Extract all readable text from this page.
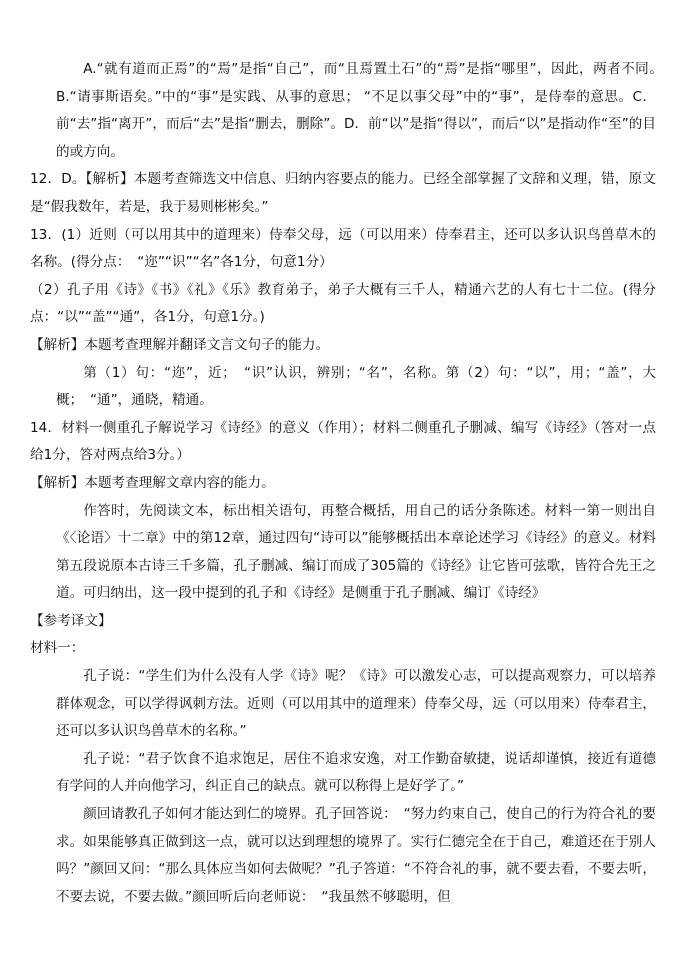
A.“就有道而正焉”的“焉”是指“自己”，而“且焉置土石”的“焉”是指“哪里”，因此，两者不同。　 B.“请事斯语矣。”中的“事”是实践、从事的意思； “不足以事父母”中的“事”，是侍奉的意思。C．前“去”指“离开”，而后“去”是指“删去，删除”。D．前“以”是指“得以”，而后“以”是指动作“至”的目的或方向。

12．D。【解析】本题考查筛选文中信息、归纳内容要点的能力。已经全部掌握了文辞和义理，错，原文是“假我数年，若是，我于易则彬彬矣。”

13．(1）近则（可以用其中的道理来）侍奉父母，远（可以用来）侍奉君主，还可以多认识鸟兽草木的名称。(得分点：　“迩”“识”“名”各1分，句意1分）

（2）孔子用《诗》《书》《礼》《乐》教育弟子，弟子大概有三千人，精通六艺的人有七十二位。(得分点：“以”“盖”“通”，各1分，句意1分。)

【解析】本题考查理解并翻译文言文句子的能力。

第（1）句：“迩”，近；　“识”认识，辨别；“名”，名称。第（2）句：“以”，用；“盖”，大概；　“通”，通晓，精通。

14．材料一侧重孔子解说学习《诗经》的意义（作用）；材料二侧重孔子删减、编写《诗经》（答对一点给1分，答对两点给3分。）

【解析】本题考查理解文章内容的能力。

作答时，先阅读文本，标出相关语句，再整合概括，用自己的话分条陈述。材料一第一则出自《〈论语〉十二章》中的第12章，通过四句“诗可以”能够概括出本章论述学习《诗经》的意义。材料第五段说原本古诗三千多篇，孔子删减、编订而成了305篇的《诗经》让它皆可弦歌，皆符合先王之道。可归纳出，这一段中提到的孔子和《诗经》是侧重于孔子删减、编订《诗经》

【参考译文】

材料一：

孔子说：“学生们为什么没有人学《诗》呢？《诗》可以激发心志，可以提高观察力，可以培养群体观念，可以学得讽刺方法。近则（可以用其中的道理来）侍奉父母，远（可以用来）侍奉君主，还可以多认识鸟兽草木的名称。”

孔子说：“君子饮食不追求饱足，居住不追求安逸，对工作勤奋敏捷，说话却谨慎，接近有道德有学问的人并向他学习，纠正自己的缺点。就可以称得上是好学了。”

颜回请教孔子如何才能达到仁的境界。孔子回答说：　“努力约束自己，使自己的行为符合礼的要求。如果能够真正做到这一点，就可以达到理想的境界了。实行仁德完全在于自己，难道还在于别人吗？”颜回又问：“那么具体应当如何去做呢？”孔子答道：“不符合礼的事，就不要去看，不要去听，不要去说，不要去做。”颜回听后向老师说：　“我虽然不够聪明，但
